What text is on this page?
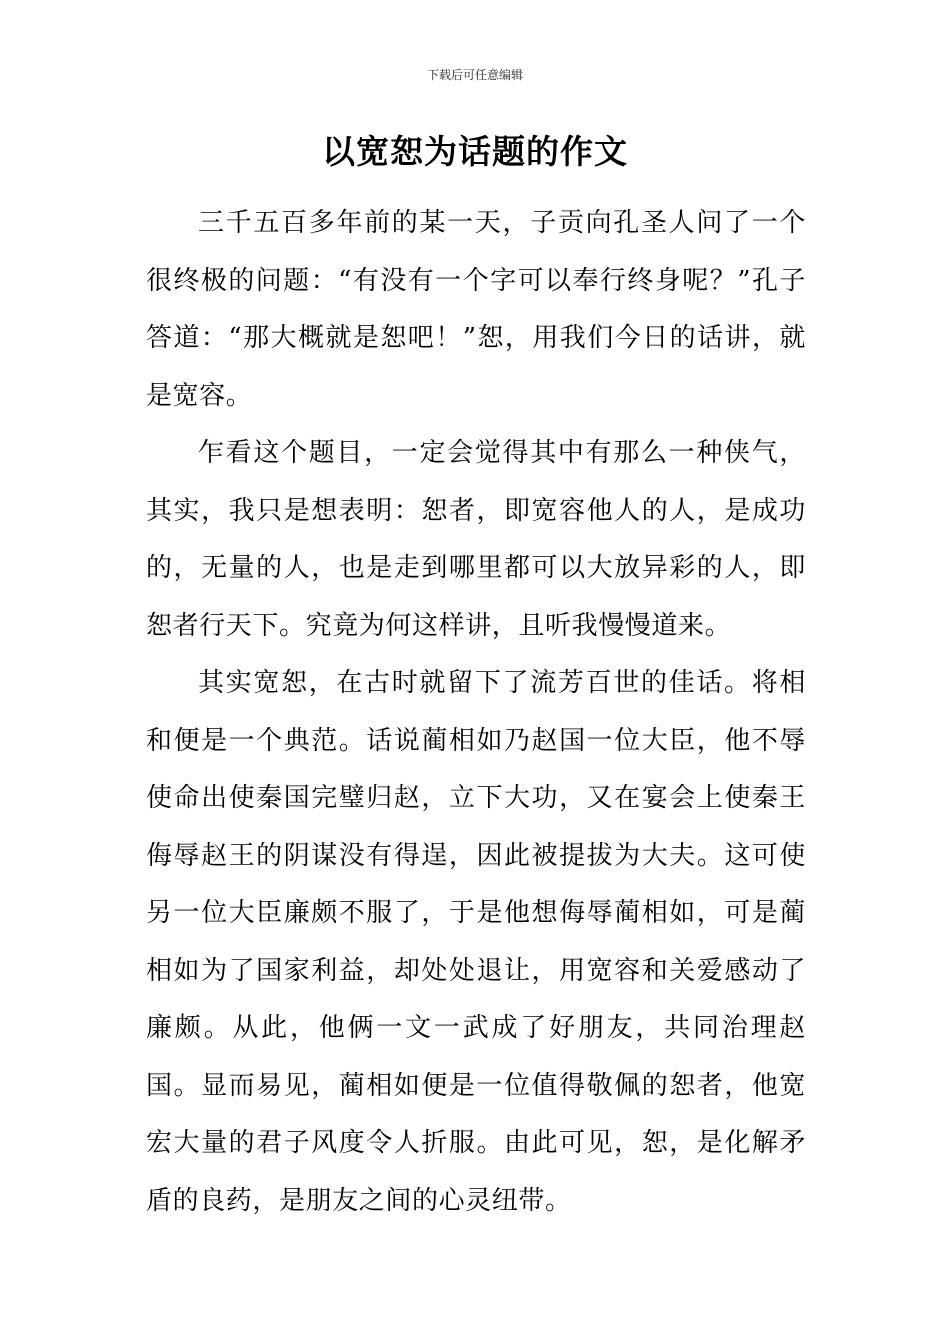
下载后可任意编辑
以宽恕为话题的作文

三千五百多年前的某一天，子贡向孔圣人问了一个很终极的问题：“有没有一个字可以奉行终身呢？”孔子答道：“那大概就是恕吧！”恕，用我们今日的话讲，就是宽容。

乍看这个题目，一定会觉得其中有那么一种侠气，其实，我只是想表明：恕者，即宽容他人的人，是成功的，无量的人，也是走到哪里都可以大放异彩的人，即恕者行天下。究竟为何这样讲，且听我慢慢道来。

其实宽恕，在古时就留下了流芳百世的佳话。将相和便是一个典范。话说蔺相如乃赵国一位大臣，他不辱使命出使秦国完璧归赵，立下大功，又在宴会上使秦王侮辱赵王的阴谋没有得逞，因此被提拔为大夫。这可使另一位大臣廉颇不服了，于是他想侮辱蔺相如，可是蔺相如为了国家利益，却处处退让，用宽容和关爱感动了廉颇。从此，他俩一文一武成了好朋友，共同治理赵国。显而易见，蔺相如便是一位值得敬佩的恕者，他宽宏大量的君子风度令人折服。由此可见，恕，是化解矛盾的良药，是朋友之间的心灵纽带。
